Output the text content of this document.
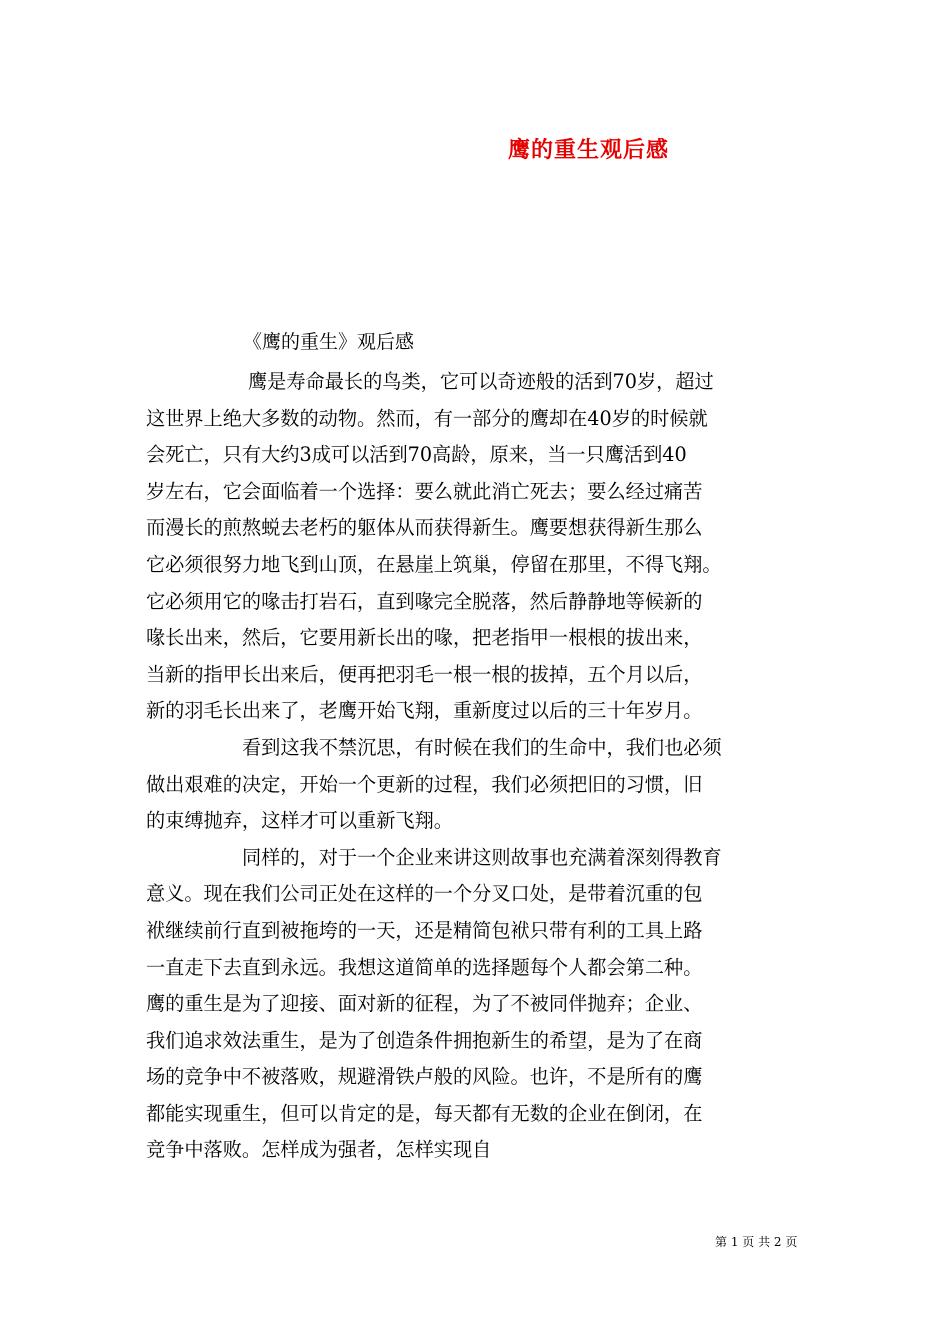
鹰的重生观后感
《鹰的重生》观后感
鹰是寿命最长的鸟类，它可以奇迹般的活到70岁，超过
这世界上绝大多数的动物。然而，有一部分的鹰却在40岁的时候就
会死亡，只有大约3成可以活到70高龄，原来，当一只鹰活到40
岁左右，它会面临着一个选择：要么就此消亡死去；要么经过痛苦
而漫长的煎熬蜕去老朽的躯体从而获得新生。鹰要想获得新生那么
它必须很努力地飞到山顶，在悬崖上筑巢，停留在那里，不得飞翔。
它必须用它的喙击打岩石，直到喙完全脱落，然后静静地等候新的
喙长出来，然后，它要用新长出的喙，把老指甲一根根的拔出来，
当新的指甲长出来后，便再把羽毛一根一根的拔掉，五个月以后，
新的羽毛长出来了，老鹰开始飞翔，重新度过以后的三十年岁月。
看到这我不禁沉思，有时候在我们的生命中，我们也必须
做出艰难的决定，开始一个更新的过程，我们必须把旧的习惯，旧
的束缚抛弃，这样才可以重新飞翔。
同样的，对于一个企业来讲这则故事也充满着深刻得教育
意义。现在我们公司正处在这样的一个分叉口处，是带着沉重的包
袱继续前行直到被拖垮的一天，还是精简包袱只带有利的工具上路
一直走下去直到永远。我想这道简单的选择题每个人都会第二种。
鹰的重生是为了迎接、面对新的征程，为了不被同伴抛弃；企业、
我们追求效法重生，是为了创造条件拥抱新生的希望，是为了在商
场的竞争中不被落败，规避滑铁卢般的风险。也许，不是所有的鹰
都能实现重生，但可以肯定的是，每天都有无数的企业在倒闭，在
竞争中落败。怎样成为强者，怎样实现自
第 1 页 共 2 页
